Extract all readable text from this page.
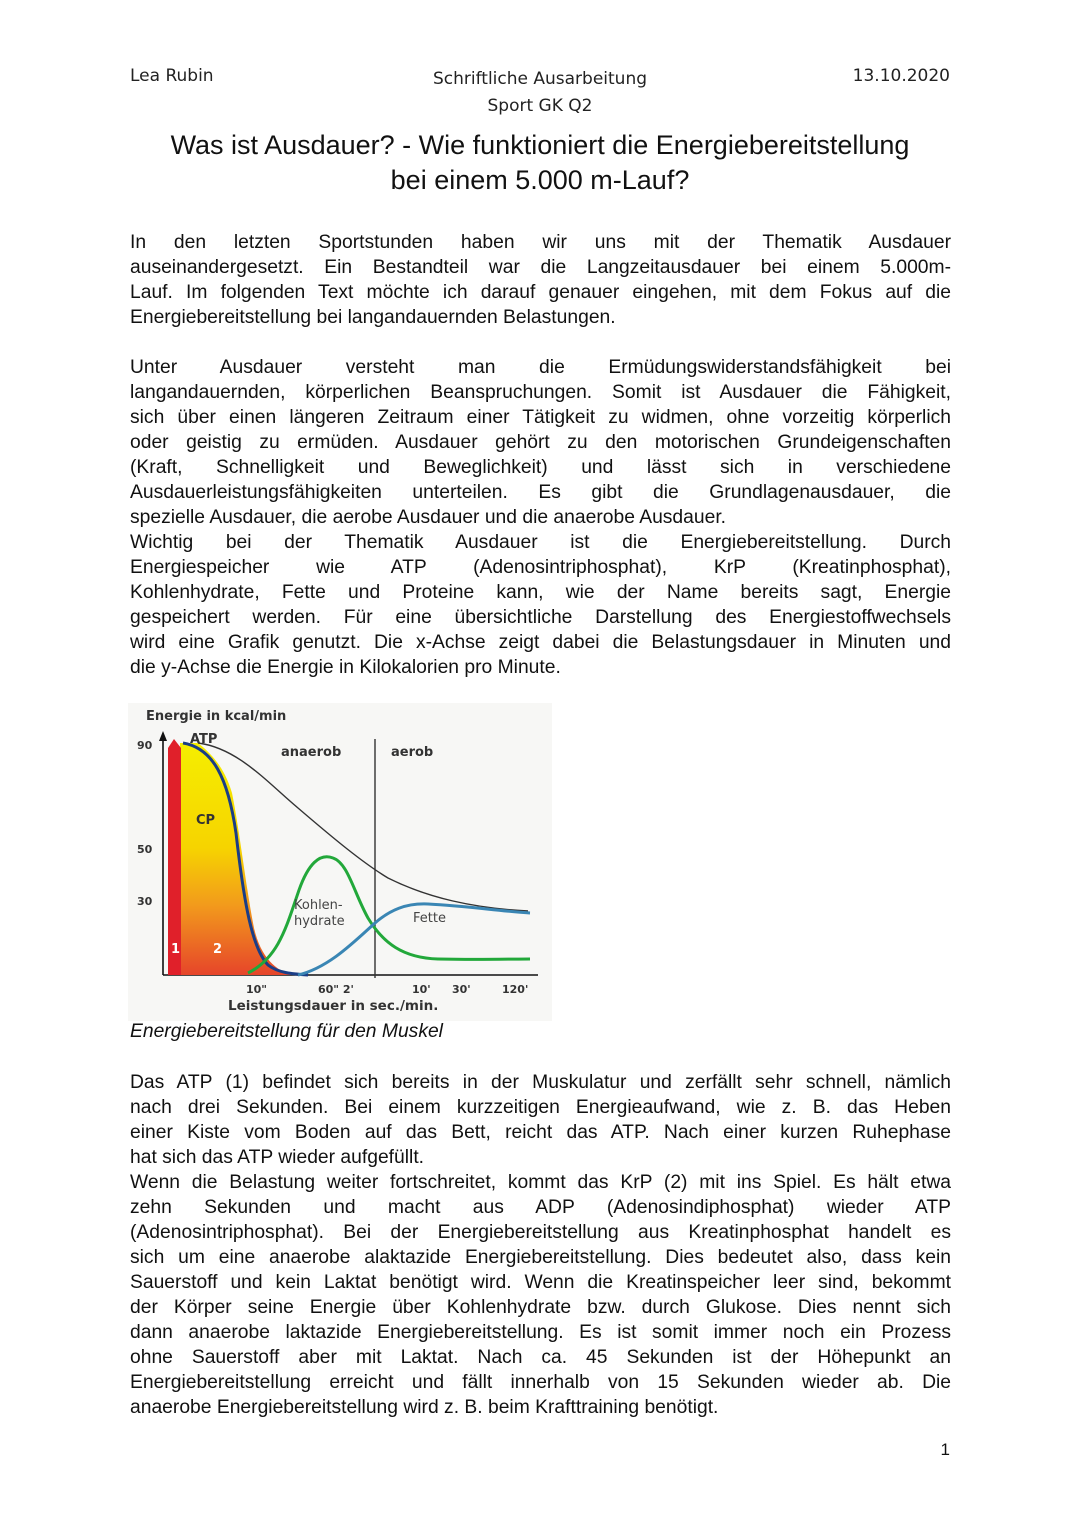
Lea Rubin	Schriftliche Ausarbeitung
Sport GK Q2
13.10.2020
Was ist Ausdauer? - Wie funktioniert die Energiebereitstellung
bei einem 5.000 m-Lauf?
In den letzten Sportstunden haben wir uns mit der Thematik Ausdauer
auseinandergesetzt. Ein Bestandteil war die Langzeitausdauer bei einem 5.000m-
Lauf. Im folgenden Text möchte ich darauf genauer eingehen, mit dem Fokus auf die
Energiebereitstellung bei langandauernden Belastungen.
Unter Ausdauer versteht man die Ermüdungswiderstandsfähigkeit bei
langandauernden, körperlichen Beanspruchungen. Somit ist Ausdauer die Fähigkeit,
sich über einen längeren Zeitraum einer Tätigkeit zu widmen, ohne vorzeitig körperlich
oder geistig zu ermüden. Ausdauer gehört zu den motorischen Grundeigenschaften
(Kraft, Schnelligkeit und Beweglichkeit) und lässt sich in verschiedene
Ausdauerleistungsfähigkeiten unterteilen. Es gibt die Grundlagenausdauer, die
spezielle Ausdauer, die aerobe Ausdauer und die anaerobe Ausdauer.
Wichtig bei der Thematik Ausdauer ist die Energiebereitstellung. Durch
Energiespeicher wie ATP (Adenosintriphosphat), KrP (Kreatinphosphat),
Kohlenhydrate, Fette und Proteine kann, wie der Name bereits sagt, Energie
gespeichert werden. Für eine übersichtliche Darstellung des Energiestoffwechsels
wird eine Grafik genutzt. Die x-Achse zeigt dabei die Belastungsdauer in Minuten und
die y-Achse die Energie in Kilokalorien pro Minute.
Energie in kcal/min
ATP
anaerob	aerob
CP
Kohlen-
hydrate	Fette
90
50
30
1	2
10"	60" 2'	10' 30'	120'
Leistungsdauer in sec./min.
Energiebereitstellung für den Muskel
Das ATP (1) befindet sich bereits in der Muskulatur und zerfällt sehr schnell, nämlich
nach drei Sekunden. Bei einem kurzzeitigen Energieaufwand, wie z. B. das Heben
einer Kiste vom Boden auf das Bett, reicht das ATP. Nach einer kurzen Ruhephase
hat sich das ATP wieder aufgefüllt.
Wenn die Belastung weiter fortschreitet, kommt das KrP (2) mit ins Spiel. Es hält etwa
zehn Sekunden und macht aus ADP (Adenosindiphosphat) wieder ATP
(Adenosintriphosphat). Bei der Energiebereitstellung aus Kreatinphosphat handelt es
sich um eine anaerobe alaktazide Energiebereitstellung. Dies bedeutet also, dass kein
Sauerstoff und kein Laktat benötigt wird. Wenn die Kreatinspeicher leer sind, bekommt
der Körper seine Energie über Kohlenhydrate bzw. durch Glukose. Dies nennt sich
dann anaerobe laktazide Energiebereitstellung. Es ist somit immer noch ein Prozess
ohne Sauerstoff aber mit Laktat. Nach ca. 45 Sekunden ist der Höhepunkt an
Energiebereitstellung erreicht und fällt innerhalb von 15 Sekunden wieder ab. Die
anaerobe Energiebereitstellung wird z. B. beim Krafttraining benötigt.
1
